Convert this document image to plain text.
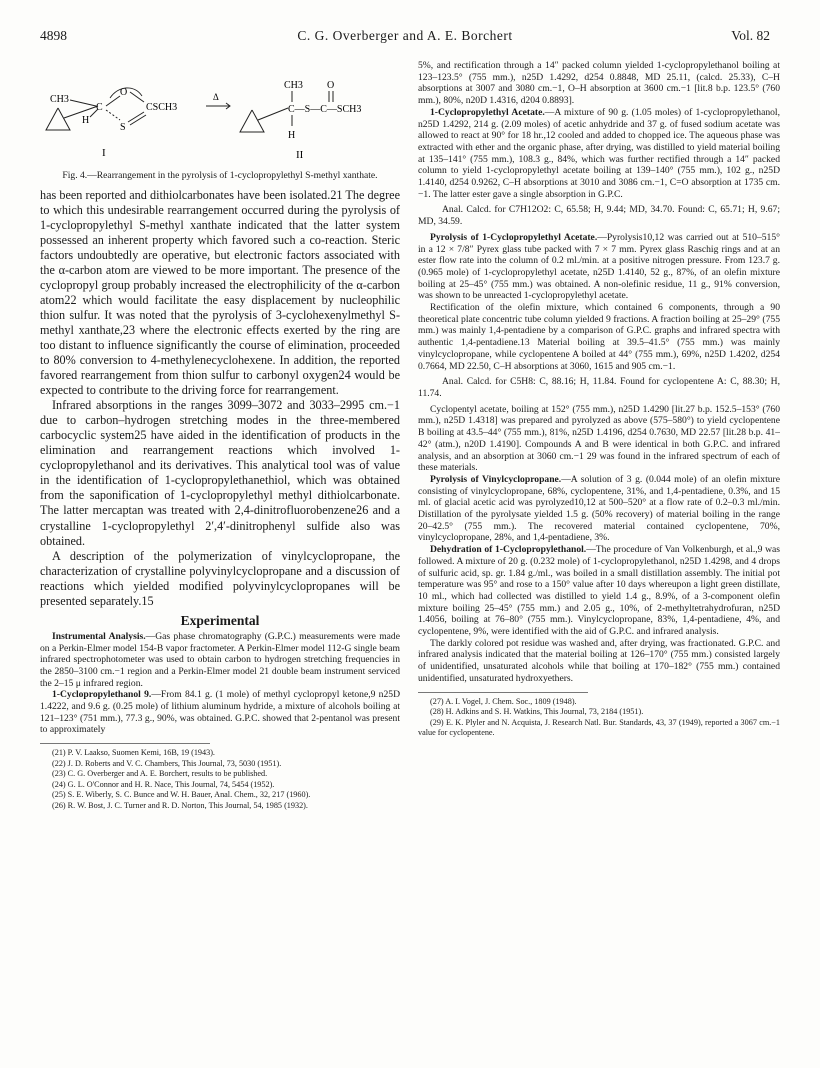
4898	C. G. Overberger and A. E. Borchert	Vol. 82
CH3
H
C
O
S
CSCH3
I
Δ
CH3 O
C—S—C—SCH3
H
II
Fig. 4.—Rearrangement in the pyrolysis of 1-cyclopropylethyl S-methyl xanthate.

has been reported and dithiolcarbonates have been isolated.21 The degree to which this undesirable rearrangement occurred during the pyrolysis of 1-cyclopropylethyl S-methyl xanthate indicated that the latter system possessed an inherent property which favored such a co-reaction. Steric factors undoubtedly are operative, but electronic factors associated with the α-carbon atom are viewed to be more important. The presence of the cyclopropyl group probably increased the electrophilicity of the α-carbon atom22 which would facilitate the easy displacement by nucleophilic thion sulfur. It was noted that the pyrolysis of 3-cyclohexenylmethyl S-methyl xanthate,23 where the electronic effects exerted by the ring are too distant to influence significantly the course of elimination, proceeded to 80% conversion to 4-methylenecyclohexene. In addition, the reported favored rearrangement from thion sulfur to carbonyl oxygen24 would be expected to contribute to the driving force for rearrangement.

Infrared absorptions in the ranges 3099–3072 and 3033–2995 cm.−1 due to carbon–hydrogen stretching modes in the three-membered carbocyclic system25 have aided in the identification of products in the elimination and rearrangement reactions which involved 1-cyclopropylethanol and its derivatives. This analytical tool was of value in the identification of 1-cyclopropylethanethiol, which was obtained from the saponification of 1-cyclopropylethyl methyl dithiolcarbonate. The latter mercaptan was treated with 2,4-dinitrofluorobenzene26 and a crystalline 1-cyclopropylethyl 2′,4′-dinitrophenyl sulfide also was obtained.

A description of the polymerization of vinylcyclopropane, the characterization of crystalline polyvinylcyclopropane and a discussion of reactions which yielded modified polyvinylcyclopropanes will be presented separately.15

Experimental

Instrumental Analysis.—Gas phase chromatography (G.P.C.) measurements were made on a Perkin-Elmer model 154-B vapor fractometer. A Perkin-Elmer model 112-G single beam infrared spectrophotometer was used to obtain carbon to hydrogen stretching frequencies in the 2850–3100 cm.−1 region and a Perkin-Elmer model 21 double beam instrument serviced the 2–15 μ infrared region.

1-Cyclopropylethanol 9.—From 84.1 g. (1 mole) of methyl cyclopropyl ketone,9 n25D 1.4222, and 9.6 g. (0.25 mole) of lithium aluminum hydride, a mixture of alcohols boiling at 121–123° (751 mm.), 77.3 g., 90%, was obtained. G.P.C. showed that 2-pentanol was present to approximately

(21) P. V. Laakso, Suomen Kemi, 16B, 19 (1943).

(22) J. D. Roberts and V. C. Chambers, This Journal, 73, 5030 (1951).

(23) C. G. Overberger and A. E. Borchert, results to be published.

(24) G. L. O'Connor and H. R. Nace, This Journal, 74, 5454 (1952).

(25) S. E. Wiberly, S. C. Bunce and W. H. Bauer, Anal. Chem., 32, 217 (1960).

(26) R. W. Bost, J. C. Turner and R. D. Norton, This Journal, 54, 1985 (1932).

5%, and rectification through a 14″ packed column yielded 1-cyclopropylethanol boiling at 123–123.5° (755 mm.), n25D 1.4292, d254 0.8848, MD 25.11, (calcd. 25.33), C–H absorptions at 3007 and 3080 cm.−1, O–H absorption at 3600 cm.−1 [lit.8 b.p. 123.5° (760 mm.), 80%, n20D 1.4316, d204 0.8893].

1-Cyclopropylethyl Acetate.—A mixture of 90 g. (1.05 moles) of 1-cyclopropylethanol, n25D 1.4292, 214 g. (2.09 moles) of acetic anhydride and 37 g. of fused sodium acetate was allowed to react at 90° for 18 hr.,12 cooled and added to chopped ice. The aqueous phase was extracted with ether and the organic phase, after drying, was distilled to yield material boiling at 135–141° (755 mm.), 108.3 g., 84%, which was further rectified through a 14″ packed column to yield 1-cyclopropylethyl acetate boiling at 139–140° (755 mm.), 102 g., n25D 1.4140, d254 0.9262, C–H absorptions at 3010 and 3086 cm.−1, C=O absorption at 1735 cm.−1. The latter ester gave a single absorption in G.P.C.

Anal. Calcd. for C7H12O2: C, 65.58; H, 9.44; MD, 34.70. Found: C, 65.71; H, 9.67; MD, 34.59.

Pyrolysis of 1-Cyclopropylethyl Acetate.—Pyrolysis10,12 was carried out at 510–515° in a 12 × 7/8″ Pyrex glass tube packed with 7 × 7 mm. Pyrex glass Raschig rings and at an ester flow rate into the column of 0.2 ml./min. at a positive nitrogen pressure. From 123.7 g. (0.965 mole) of 1-cyclopropylethyl acetate, n25D 1.4140, 52 g., 87%, of an olefin mixture boiling at 25–45° (755 mm.) was obtained. A non-olefinic residue, 11 g., 91% conversion, was shown to be unreacted 1-cyclopropylethyl acetate.

Rectification of the olefin mixture, which contained 6 components, through a 90 theoretical plate concentric tube column yielded 9 fractions. A fraction boiling at 25–29° (755 mm.) was mainly 1,4-pentadiene by a comparison of G.P.C. graphs and infrared spectra with authentic 1,4-pentadiene.13 Material boiling at 39.5–41.5° (755 mm.) was mainly vinylcyclopropane, while cyclopentene A boiled at 44° (755 mm.), 69%, n25D 1.4202, d254 0.7664, MD 22.50, C–H absorptions at 3060, 1615 and 905 cm.−1.

Anal. Calcd. for C5H8: C, 88.16; H, 11.84. Found for cyclopentene A: C, 88.30; H, 11.74.

Cyclopentyl acetate, boiling at 152° (755 mm.), n25D 1.4290 [lit.27 b.p. 152.5–153° (760 mm.), n25D 1.4318] was prepared and pyrolyzed as above (575–580°) to yield cyclopentene B boiling at 43.5–44° (755 mm.), 81%, n25D 1.4196, d254 0.7630, MD 22.57 [lit.28 b.p. 41–42° (atm.), n20D 1.4190]. Compounds A and B were identical in both G.P.C. and infrared analysis, and an absorption at 3060 cm.−1 29 was found in the infrared spectrum of each of these materials.

Pyrolysis of Vinylcyclopropane.—A solution of 3 g. (0.044 mole) of an olefin mixture consisting of vinylcyclopropane, 68%, cyclopentene, 31%, and 1,4-pentadiene, 0.3%, and 15 ml. of glacial acetic acid was pyrolyzed10,12 at 500–520° at a flow rate of 0.2–0.3 ml./min. Distillation of the pyrolysate yielded 1.5 g. (50% recovery) of material boiling in the range 20–42.5° (755 mm.). The recovered material contained cyclopentene, 70%, vinylcyclopropane, 28%, and 1,4-pentadiene, 3%.

Dehydration of 1-Cyclopropylethanol.—The procedure of Van Volkenburgh, et al.,9 was followed. A mixture of 20 g. (0.232 mole) of 1-cyclopropylethanol, n25D 1.4298, and 4 drops of sulfuric acid, sp. gr. 1.84 g./ml., was boiled in a small distillation assembly. The initial pot temperature was 95° and rose to a 150° value after 10 days whereupon a light green distillate, 10 ml., which had collected was distilled to yield 1.4 g., 8.9%, of a 3-component olefin mixture boiling 25–45° (755 mm.) and 2.05 g., 10%, of 2-methyltetrahydrofuran, n25D 1.4056, boiling at 76–80° (755 mm.). Vinylcyclopropane, 83%, 1,4-pentadiene, 4%, and cyclopentene, 9%, were identified with the aid of G.P.C. and infrared analysis.

The darkly colored pot residue was washed and, after drying, was fractionated. G.P.C. and infrared analysis indicated that the material boiling at 126–170° (755 mm.) consisted largely of unidentified, unsaturated alcohols while that boiling at 170–182° (755 mm.) contained unidentified, unsaturated hydroxyethers.

(27) A. I. Vogel, J. Chem. Soc., 1809 (1948).

(28) H. Adkins and S. H. Watkins, This Journal, 73, 2184 (1951).

(29) E. K. Plyler and N. Acquista, J. Research Natl. Bur. Standards, 43, 37 (1949), reported a 3067 cm.−1 value for cyclopentene.
